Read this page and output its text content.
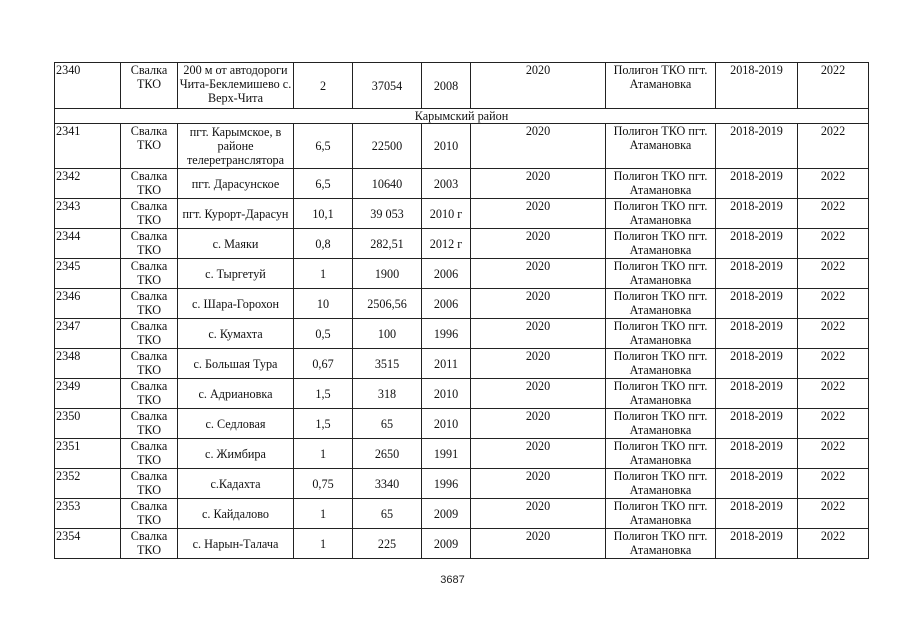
2340	Свалка ТКО	200 м от автодороги Чита-Беклемишево с. Верх-Чита	2	37054	2008	2020	Полигон ТКО пгт. Атамановка	2018-2019	2022
Карымский район									
2341	Свалка ТКО	пгт. Карымское, в районе телеретранслятора	6,5	22500	2010	2020	Полигон ТКО пгт. Атамановка	2018-2019	2022
2342	Свалка ТКО	пгт. Дарасунское	6,5	10640	2003	2020	Полигон ТКО пгт. Атамановка	2018-2019	2022
2343	Свалка ТКО	пгт. Курорт-Дарасун	10,1	39 053	2010 г	2020	Полигон ТКО пгт. Атамановка	2018-2019	2022
2344	Свалка ТКО	с. Маяки	0,8	282,51	2012 г	2020	Полигон ТКО пгт. Атамановка	2018-2019	2022
2345	Свалка ТКО	с. Тыргетуй	1	1900	2006	2020	Полигон ТКО пгт. Атамановка	2018-2019	2022
2346	Свалка ТКО	с. Шара-Горохон	10	2506,56	2006	2020	Полигон ТКО пгт. Атамановка	2018-2019	2022
2347	Свалка ТКО	с. Кумахта	0,5	100	1996	2020	Полигон ТКО пгт. Атамановка	2018-2019	2022
2348	Свалка ТКО	с. Большая Тура	0,67	3515	2011	2020	Полигон ТКО пгт. Атамановка	2018-2019	2022
2349	Свалка ТКО	с. Адриановка	1,5	318	2010	2020	Полигон ТКО пгт. Атамановка	2018-2019	2022
2350	Свалка ТКО	с. Седловая	1,5	65	2010	2020	Полигон ТКО пгт. Атамановка	2018-2019	2022
2351	Свалка ТКО	с. Жимбира	1	2650	1991	2020	Полигон ТКО пгт. Атамановка	2018-2019	2022
2352	Свалка ТКО	с.Кадахта	0,75	3340	1996	2020	Полигон ТКО пгт. Атамановка	2018-2019	2022
2353	Свалка ТКО	с. Кайдалово	1	65	2009	2020	Полигон ТКО пгт. Атамановка	2018-2019	2022
2354	Свалка ТКО	с. Нарын-Талача	1	225	2009	2020	Полигон ТКО пгт. Атамановка	2018-2019	2022
3687
